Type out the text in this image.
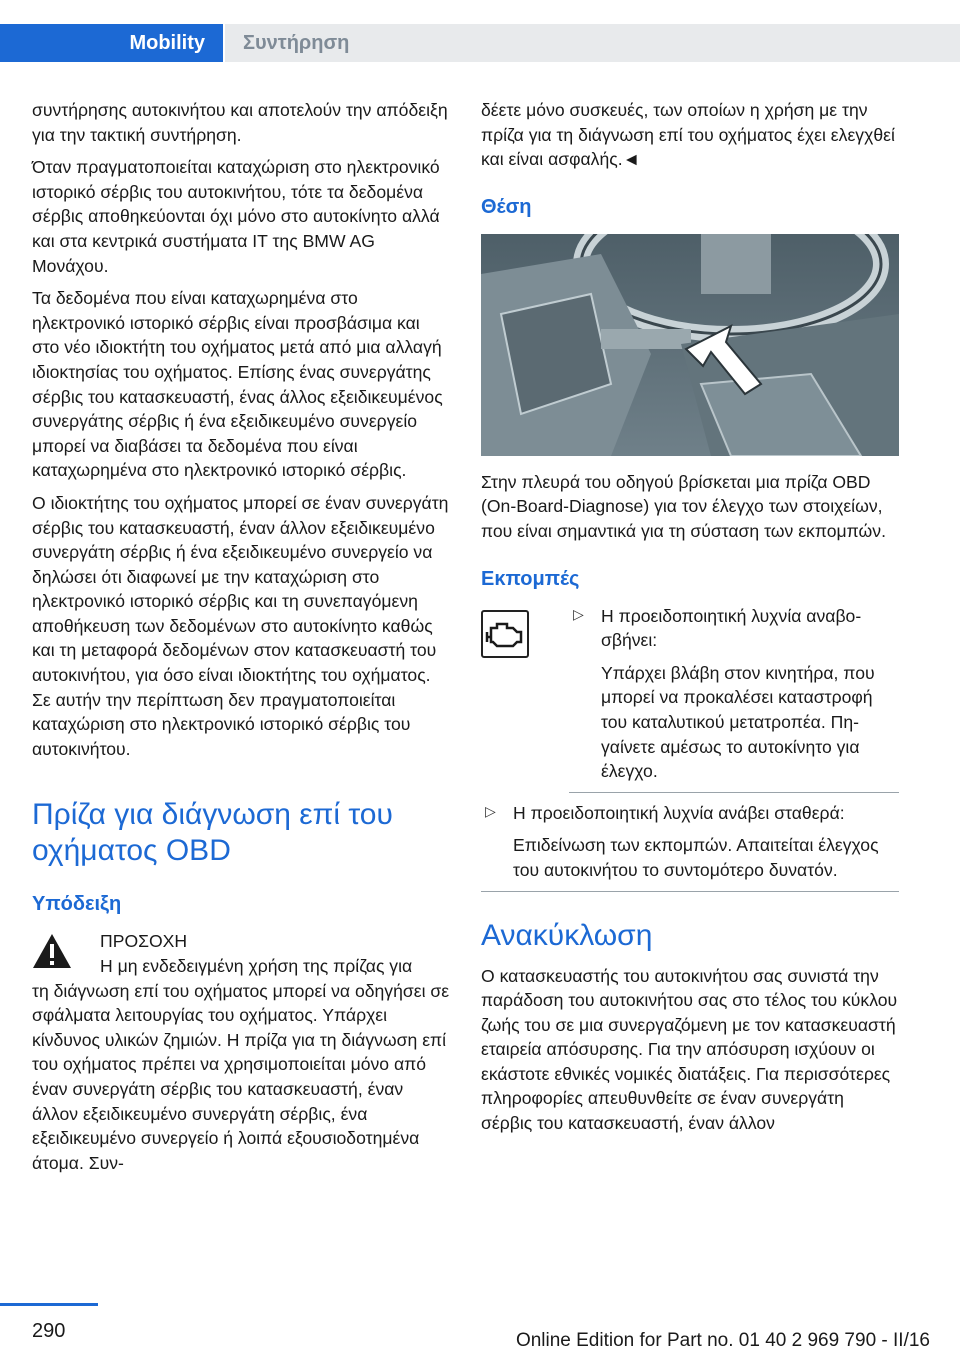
Mobility Συντήρηση

συντήρησης αυτοκινήτου και αποτελούν την απόδειξη για την τακτική συντήρηση.

Όταν πραγματοποιείται καταχώριση στο ηλεκτρονικό ιστορικό σέρβις του αυτοκινήτου, τότε τα δεδομένα σέρβις αποθηκεύονται όχι μόνο στο αυτοκίνητο αλλά και στα κεντρικά συστήματα IT της BMW AG Μονάχου.

Τα δεδομένα που είναι καταχωρημένα στο ηλεκτρονικό ιστορικό σέρβις είναι προσβάσιμα και στο νέο ιδιοκτήτη του οχήματος μετά από μια αλλαγή ιδιοκτησίας του οχήματος. Επίσης ένας συνεργάτης σέρβις του κατασκευαστή, ένας άλλος εξειδικευμένος συνεργάτης σέρβις ή ένα εξειδικευμένο συνεργείο μπορεί να διαβάσει τα δεδομένα που είναι καταχωρημένα στο ηλεκτρονικό ιστορικό σέρβις.

Ο ιδιοκτήτης του οχήματος μπορεί σε έναν συνεργάτη σέρβις του κατασκευαστή, έναν άλλον εξειδικευμένο συνεργάτη σέρβις ή ένα εξειδικευμένο συνεργείο να δηλώσει ότι διαφωνεί με την καταχώριση στο ηλεκτρονικό ιστορικό σέρβις και τη συνεπαγόμενη αποθήκευση των δεδομένων στο αυτοκίνητο καθώς και τη μεταφορά δεδομένων στον κατασκευαστή του αυτοκινήτου, για όσο είναι ιδιοκτήτης του οχήματος. Σε αυτήν την περίπτωση δεν πραγματοποιείται καταχώριση στο ηλεκτρονικό ιστορικό σέρβις του αυτοκινήτου.

Πρίζα για διάγνωση επί του οχήματος OBD
Υπόδειξη

ΠΡΟΣΟΧΗ

Η μη ενδεδειγμένη χρήση της πρίζας για

τη διάγνωση επί του οχήματος μπορεί να οδηγήσει σε σφάλματα λειτουργίας του οχήματος. Υπάρχει κίνδυνος υλικών ζημιών. Η πρίζα για τη διάγνωση επί του οχήματος πρέπει να χρησιμοποιείται μόνο από έναν συνεργάτη σέρβις του κατασκευαστή, έναν άλλον εξειδικευμένο συνεργάτη σέρβις, ένα εξειδικευμένο συνεργείο ή λοιπά εξουσιοδοτημένα άτομα. Συν-

δέετε μόνο συσκευές, των οποίων η χρήση με την πρίζα για τη διάγνωση επί του οχήματος έχει ελεγχθεί και είναι ασφαλής.◄

Θέση

Στην πλευρά του οδηγού βρίσκεται μια πρίζα OBD (On-Board-Diagnose) για τον έλεγχο των στοιχείων, που είναι σημαντικά για τη σύσταση των εκπομπών.

Εκπομπές
▷ Η προειδοποιητική λυχνία αναβοσβήνει:

Υπάρχει βλάβη στον κινητήρα, που μπορεί να προκαλέσει καταστροφή του καταλυτικού μετατροπέα. Πηγαίνετε αμέσως το αυτοκίνητο για έλεγχο.

▷ Η προειδοποιητική λυχνία ανάβει σταθερά:

Επιδείνωση των εκπομπών. Απαιτείται έλεγχος του αυτοκινήτου το συντομότερο δυνατόν.

Ανακύκλωση

Ο κατασκευαστής του αυτοκινήτου σας συνιστά την παράδοση του αυτοκινήτου σας στο τέλος του κύκλου ζωής του σε μια συνεργαζόμενη με τον κατασκευαστή εταιρεία απόσυρσης. Για την απόσυρση ισχύουν οι εκάστοτε εθνικές νομικές διατάξεις. Για περισσότερες πληροφορίες απευθυνθείτε σε έναν συνεργάτη σέρβις του κατασκευαστή, έναν άλλον

290	Online Edition for Part no. 01 40 2 969 790 - II/16
